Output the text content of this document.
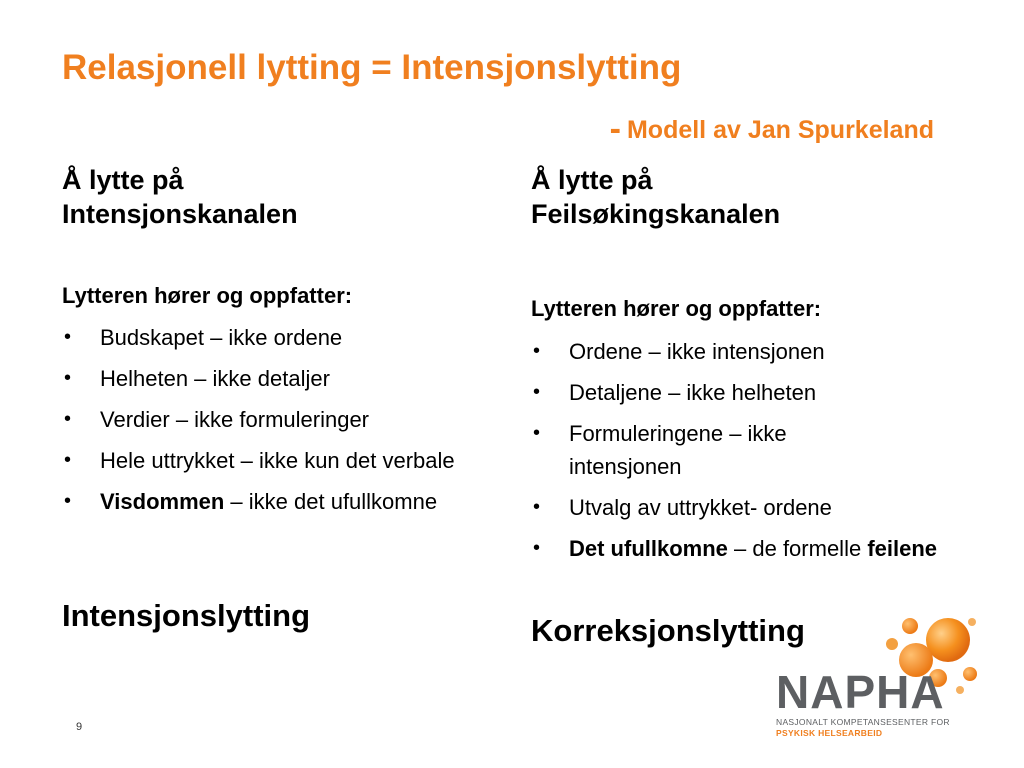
Relasjonell lytting = Intensjonslytting
- Modell av Jan Spurkeland
Å lytte på
Intensjonskanalen

Lytteren hører og oppfatter:

• Budskapet – ikke ordene
• Helheten – ikke detaljer
• Verdier – ikke formuleringer
• Hele uttrykket – ikke kun det verbale
• Visdommen – ikke det ufullkomne

Intensjonslytting

Å lytte på
Feilsøkingskanalen

Lytteren hører og oppfatter:

• Ordene – ikke intensjonen
• Detaljene – ikke helheten
• Formuleringene – ikke intensjonen
• Utvalg av uttrykket- ordene
• Det ufullkomne – de formelle feilene

Korreksjonslytting

9
NAPHA
NASJONALT KOMPETANSESENTER FOR
PSYKISK HELSEARBEID
